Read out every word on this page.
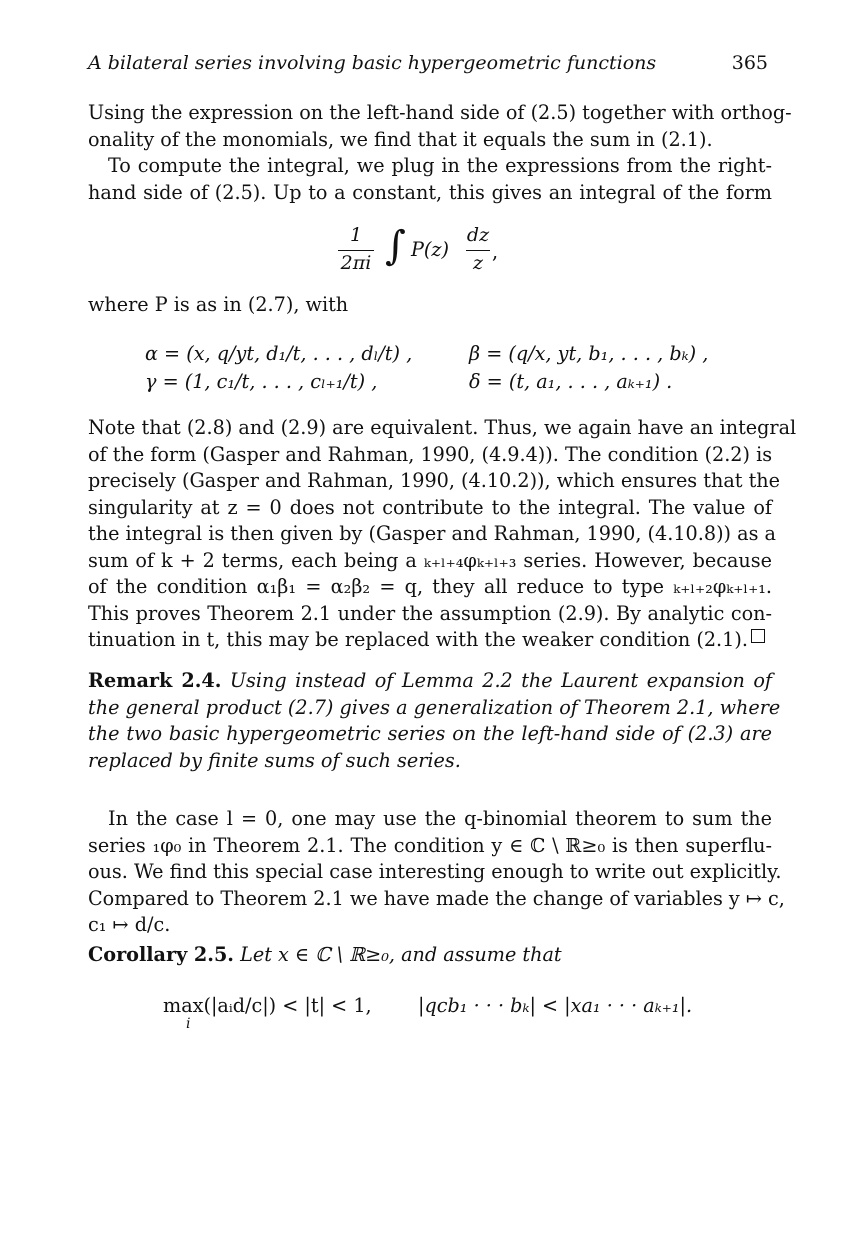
A bilateral series involving basic hypergeometric functions	365
Using the expression on the left-hand side of (2.5) together with orthog-
onality of the monomials, we find that it equals the sum in (2.1).
To compute the integral, we plug in the expressions from the right-
hand side of (2.5). Up to a constant, this gives an integral of the form
1
2πi ∫ P(z)
dz
z ,
where P is as in (2.7), with
α = (x, q/yt, d₁/t, . . . , dₗ/t) ,	β = (q/x, yt, b₁, . . . , bₖ) ,
γ = (1, c₁/t, . . . , cₗ₊₁/t) ,	δ = (t, a₁, . . . , aₖ₊₁) .
Note that (2.8) and (2.9) are equivalent. Thus, we again have an integral
of the form (Gasper and Rahman, 1990, (4.9.4)). The condition (2.2) is
precisely (Gasper and Rahman, 1990, (4.10.2)), which ensures that the
singularity at z = 0 does not contribute to the integral. The value of
the integral is then given by (Gasper and Rahman, 1990, (4.10.8)) as a
sum of k + 2 terms, each being a ₖ₊ₗ₊₄φₖ₊ₗ₊₃ series. However, because
of the condition α₁β₁ = α₂β₂ = q, they all reduce to type ₖ₊ₗ₊₂φₖ₊ₗ₊₁.
This proves Theorem 2.1 under the assumption (2.9). By analytic con-
tinuation in t, this may be replaced with the weaker condition (2.1).
Remark 2.4. Using instead of Lemma 2.2 the Laurent expansion of
the general product (2.7) gives a generalization of Theorem 2.1, where
the two basic hypergeometric series on the left-hand side of (2.3) are
replaced by finite sums of such series.
In the case l = 0, one may use the q-binomial theorem to sum the
series ₁φ₀ in Theorem 2.1. The condition y ∈ ℂ \ ℝ≥₀ is then superflu-
ous. We find this special case interesting enough to write out explicitly.
Compared to Theorem 2.1 we have made the change of variables y ↦ c,
c₁ ↦ d/c.
Corollary 2.5. Let x ∈ ℂ \ ℝ≥₀, and assume that
max(|aᵢd/c|) < |t| < 1,
i
|qcb₁ · · · bₖ| < |xa₁ · · · aₖ₊₁|.
